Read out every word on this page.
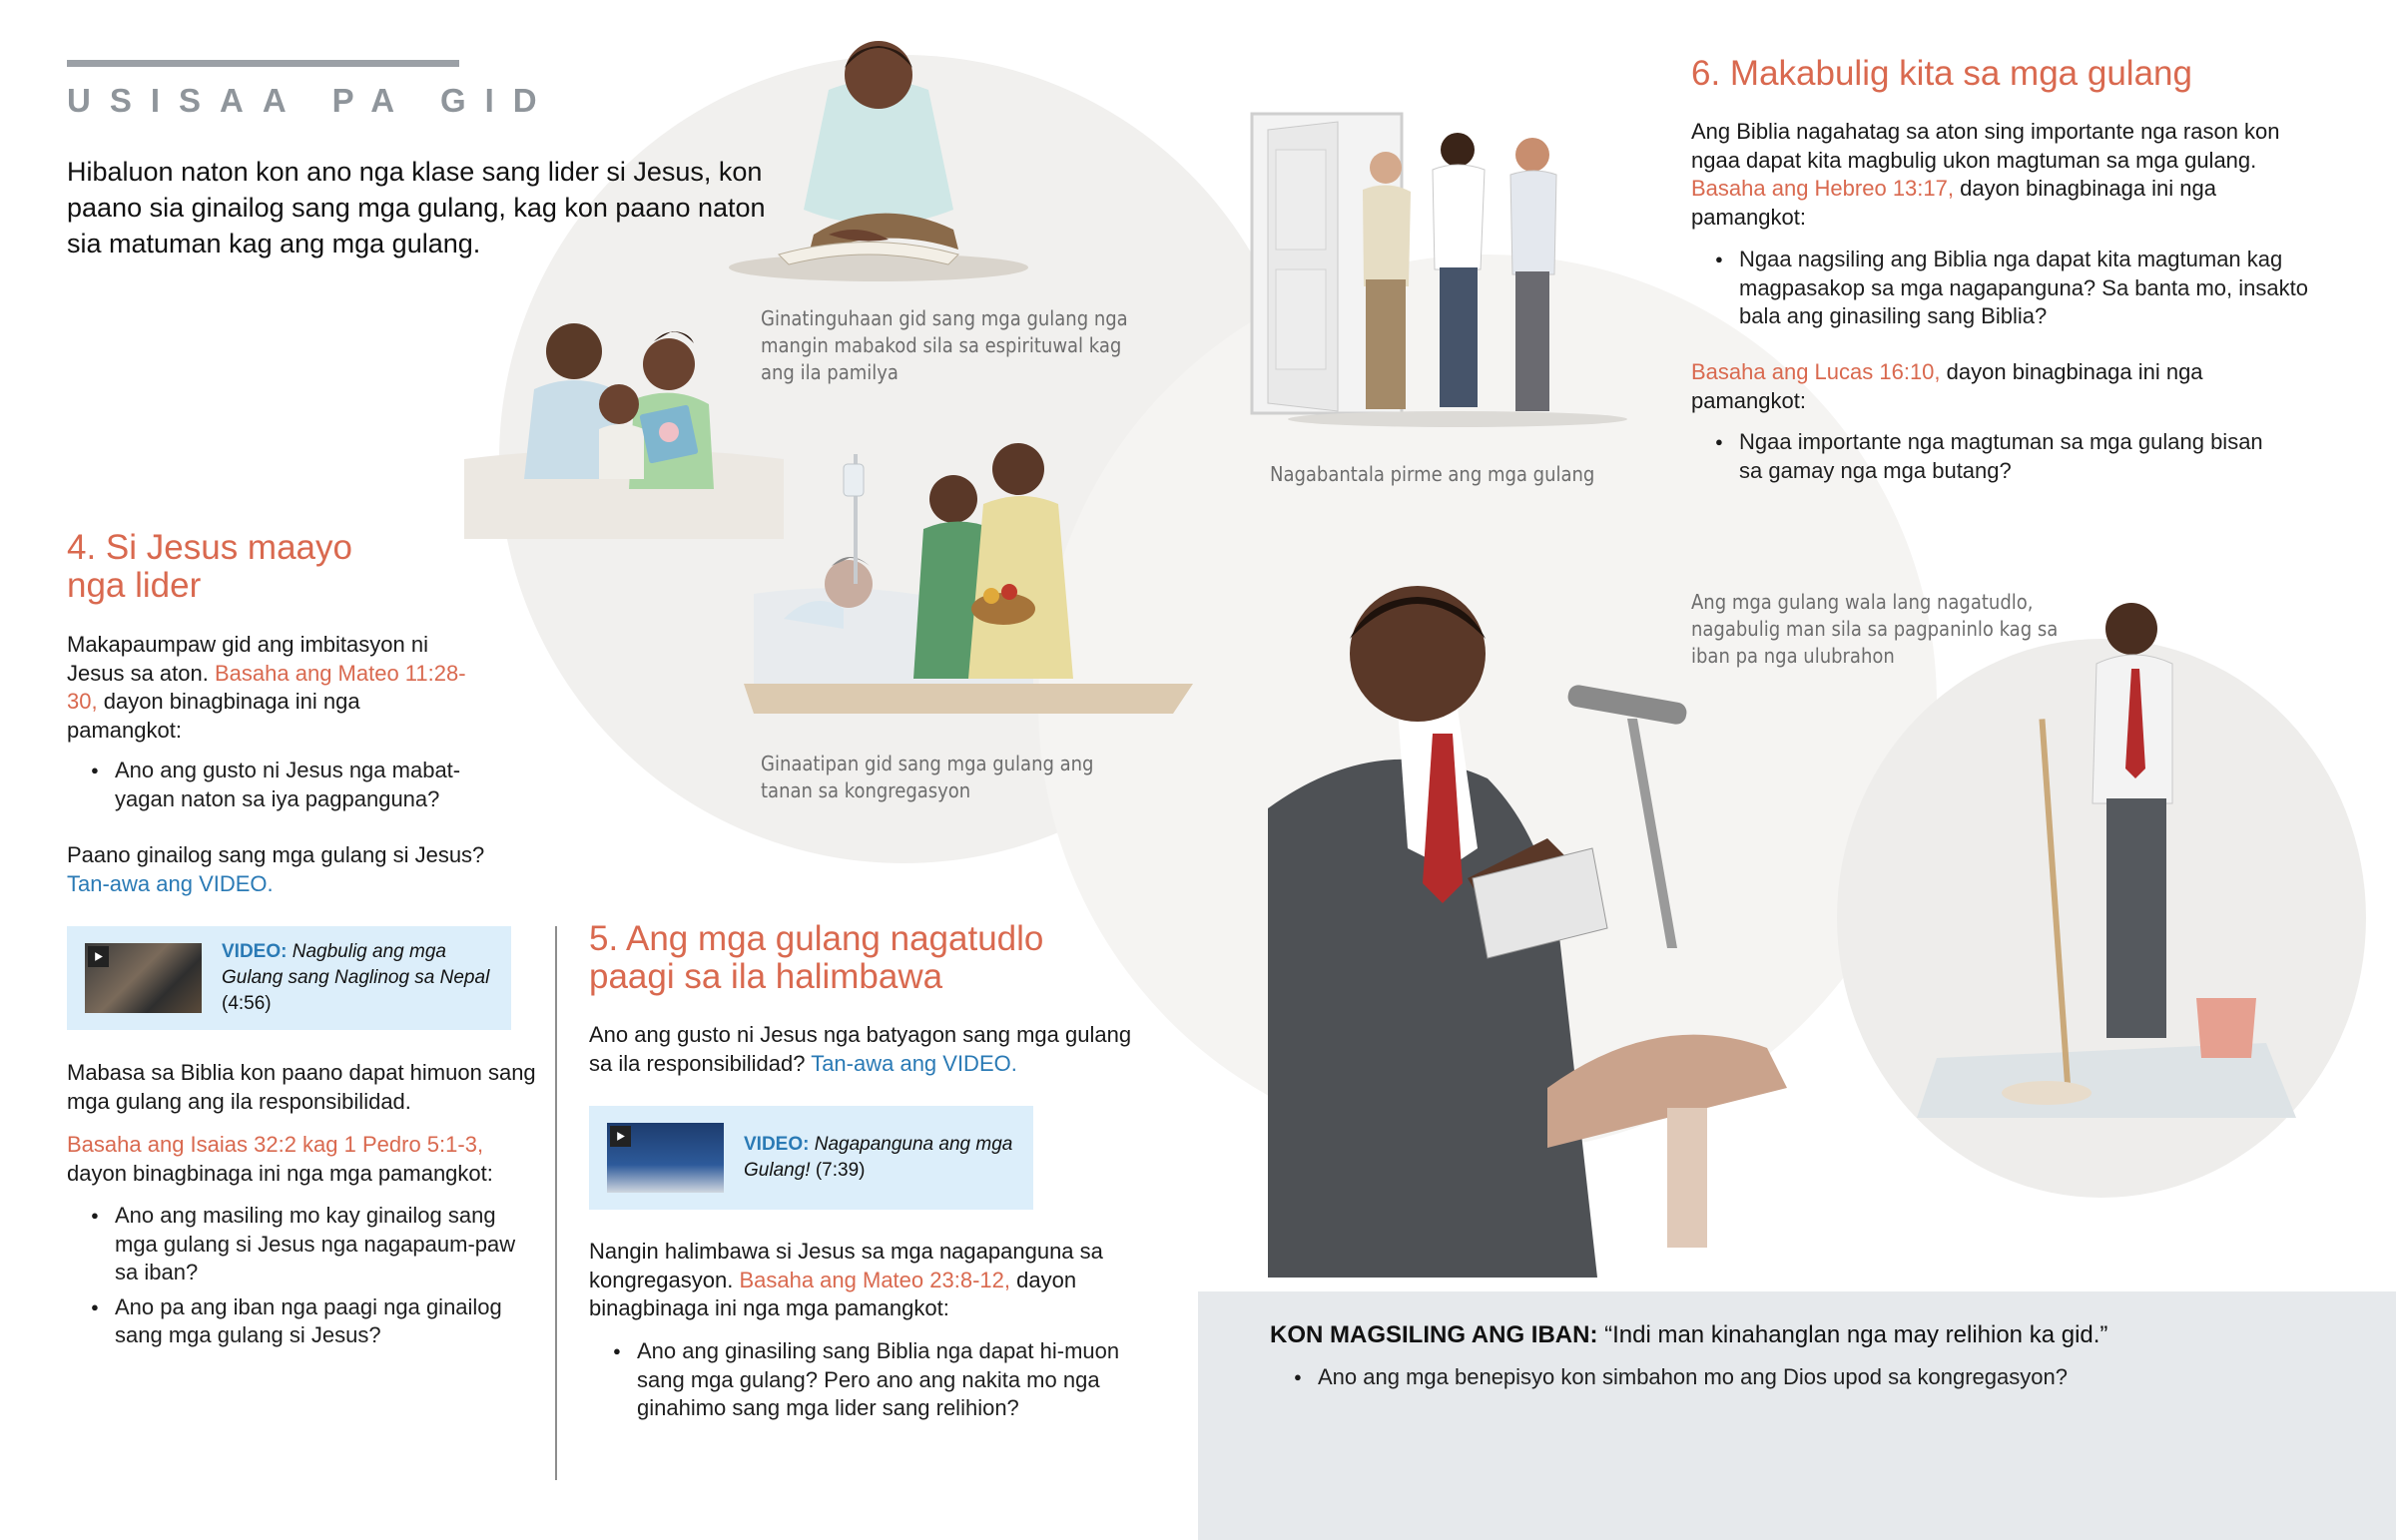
USISAA PA GID
Hibaluon naton kon ano nga klase sang lider si Jesus, kon paano sia ginailog sang mga gulang, kag kon paano naton sia matuman kag ang mga gulang.
4. Si Jesus maayo
nga lider
Makapaumpaw gid ang imbitasyon ni Jesus sa aton. Basaha ang Mateo 11:28-30, dayon binagbinaga ini nga pamangkot:
● Ano ang gusto ni Jesus nga mabat-yagan naton sa iya pagpanguna?
Paano ginailog sang mga gulang si Jesus?
Tan-awa ang VIDEO.
VIDEO: Nagbulig ang mga Gulang sang Naglinog sa Nepal (4:56)
Mabasa sa Biblia kon paano dapat himuon sang mga gulang ang ila responsibilidad.
Basaha ang Isaias 32:2 kag 1 Pedro 5:1-3, dayon binagbinaga ini nga mga pamangkot:
● Ano ang masiling mo kay ginailog sang mga gulang si Jesus nga nagapaum-paw sa iban?
● Ano pa ang iban nga paagi nga ginailog sang mga gulang si Jesus?
5. Ang mga gulang nagatudlo
paagi sa ila halimbawa
Ano ang gusto ni Jesus nga batyagon sang mga gulang sa ila responsibilidad? Tan-awa ang VIDEO.
VIDEO: Nagapanguna ang mga Gulang! (7:39)
Nangin halimbawa si Jesus sa mga nagapanguna sa kongregasyon. Basaha ang Mateo 23:8-12, dayon binagbinaga ini nga mga pamangkot:
● Ano ang ginasiling sang Biblia nga dapat hi-muon sang mga gulang? Pero ano ang nakita mo nga ginahimo sang mga lider sang relihion?
6. Makabulig kita sa mga gulang
Ang Biblia nagahatag sa aton sing importante nga rason kon ngaa dapat kita magbulig ukon magtuman sa mga gulang. Basaha ang Hebreo 13:17, dayon binagbinaga ini nga pamangkot:
● Ngaa nagsiling ang Biblia nga dapat kita magtuman kag magpasakop sa mga nagapanguna? Sa banta mo, insakto bala ang ginasiling sang Biblia?
Basaha ang Lucas 16:10, dayon binagbinaga ini nga pamangkot:
● Ngaa importante nga magtuman sa mga gulang bisan sa gamay nga mga butang?
Ginatinguhaan gid sang mga gulang nga mangin mabakod sila sa espirituwal kag ang ila pamilya
Ginaatipan gid sang mga gulang ang tanan sa kongregasyon
Nagabantala pirme ang mga gulang
Ang mga gulang wala lang nagatudlo, nagabulig man sila sa pagpaninlo kag sa iban pa nga ulubrahon
KON MAGSILING ANG IBAN: “Indi man kinahanglan nga may relihion ka gid.”
● Ano ang mga benepisyo kon simbahon mo ang Dios upod sa kongregasyon?
